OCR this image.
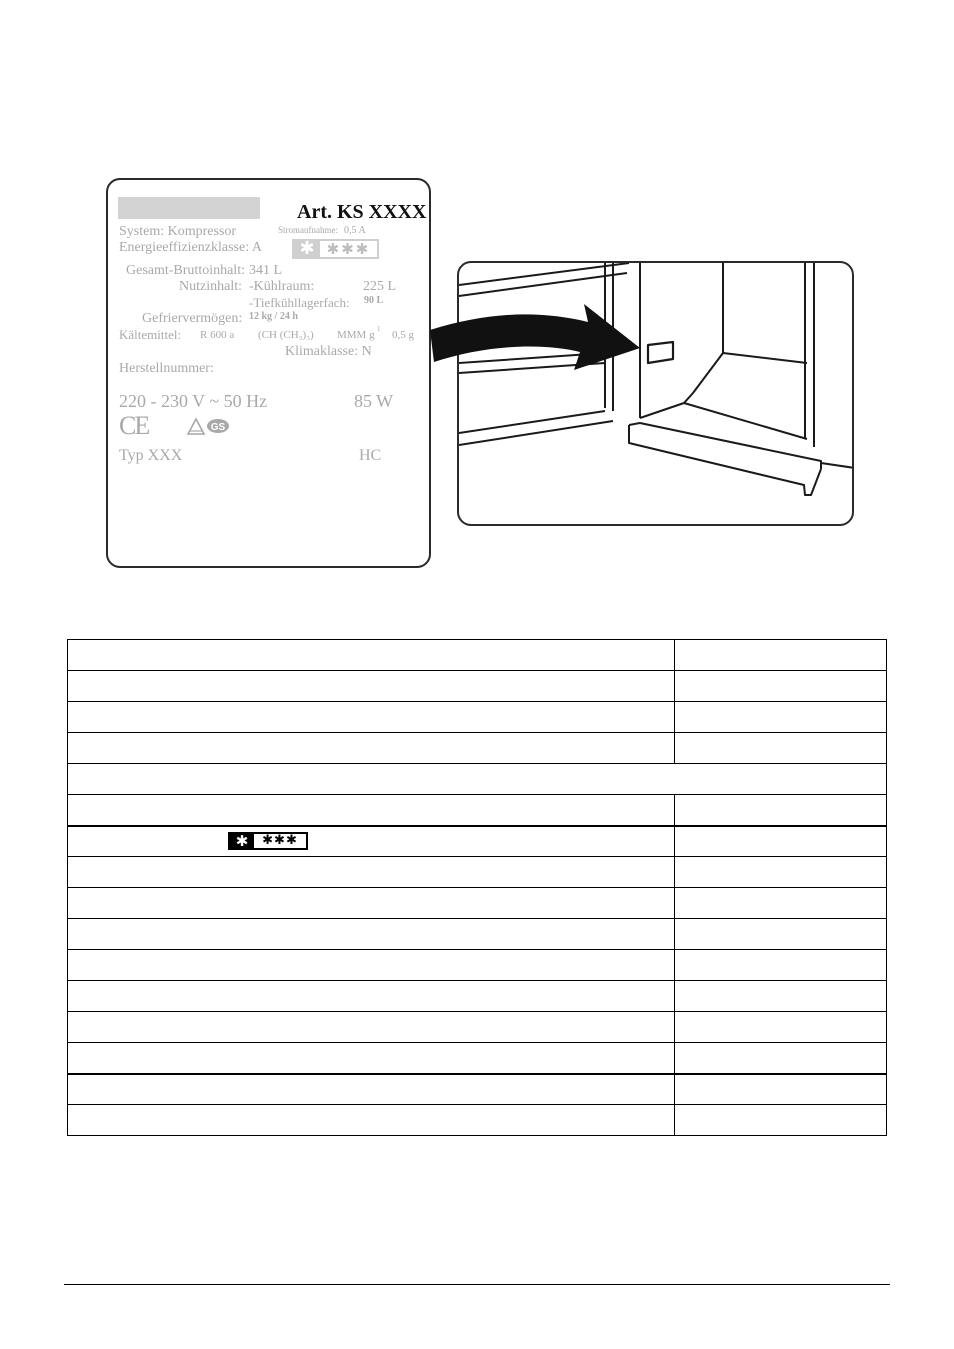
Art. KS XXXX
System: Kompressor	Stromaufnahme: 0,5 A
Energieeffizienzklasse: A	✱ ✱✱✱
Gesamt-Bruttoinhalt: 341 L
Nutzinhalt: -Kühlraum:	225 L
-Tiefkühllagerfach: 90 L
Gefriervermögen: 12 kg / 24 h
Kältemittel: R 600 a (CH (CH₃)₃) MMM g 1 0,5 g
Klimaklasse: N
Herstellnummer:
220 - 230 V ~ 50 Hz	85 W
CE	GS
Typ XXX	HC

✱ ✱✱✱	
